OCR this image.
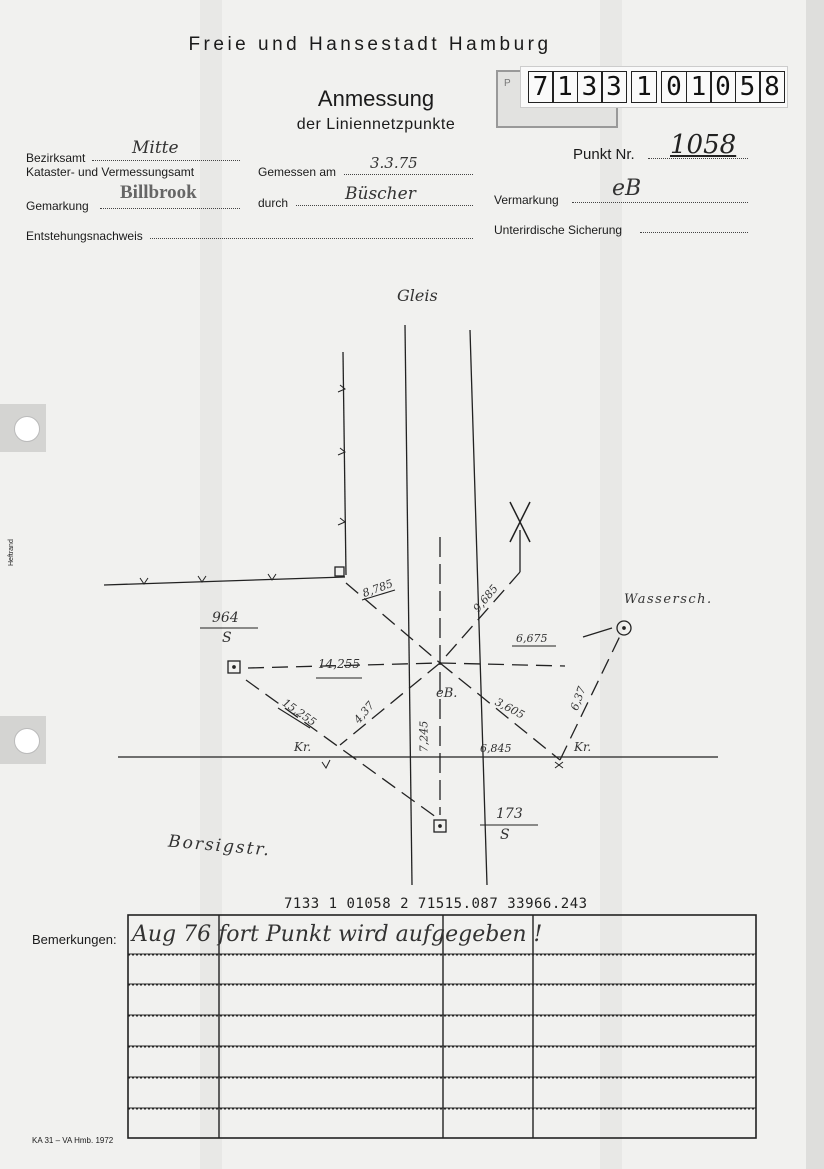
Heftrand
Freie und Hansestadt Hamburg
Anmessung
der Liniennetzpunkte
P 7 1 3 3 1 0 1 0 5 8
Bezirksamt	Mitte
Kataster- und Vermessungsamt
Gemarkung
Billbrook
Entstehungsnachweis
Gemessen am 3.3.75
durch	Büscher
Punkt Nr. 1058
Vermarkung eB
Unterirdische Sicherung
Gleis
Wassersch.
Borsigstr.
Kr.	Kr.
eB.
964
S
173
S
8,785	9,685
6,675
14,255
15,255	4,37
7,245
3,605
6,845
6,37
7133 1 01058 2 71515.087 33966.243
Bemerkungen: Aug 76 fort Punkt wird aufgegeben !
KA 31 – VA Hmb. 1972
